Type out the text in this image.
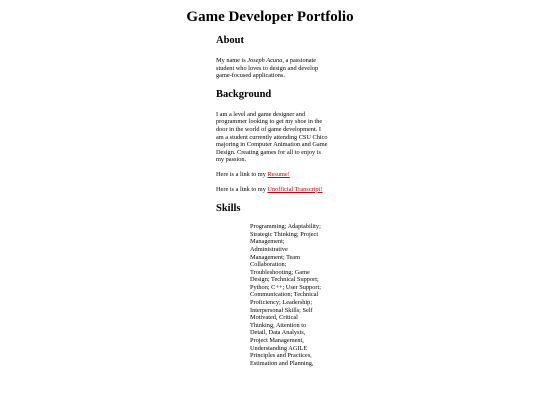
Game Developer Portfolio
About

My name is Joseph Acuna, a passionate student who loves to design and develop game-focused applications.

Background

I am a level and game designer and programmer looking to get my shoe in the door in the world of game development. I am a student currently attending CSU Chico majoring in Computer Animation and Game Design. Creating games for all to enjoy is my passion.

Here is a link to my Resume!

Here is a link to my Unofficial Transcript!

Skills

Programming; Adaptability; Strategic Thinking; Project Management; Administrative Management; Team Collaboration; Troubleshooting; Game Design; Technical Support; Python; C++; User Support; Communication; Technical Proficiency; Leadership; Interpersonal Skills; Self Motivated, Critical Thinking, Attention to Detail, Data Analysis, Project Management, Understanding AGILE Principles and Practices, Estimation and Planning,
